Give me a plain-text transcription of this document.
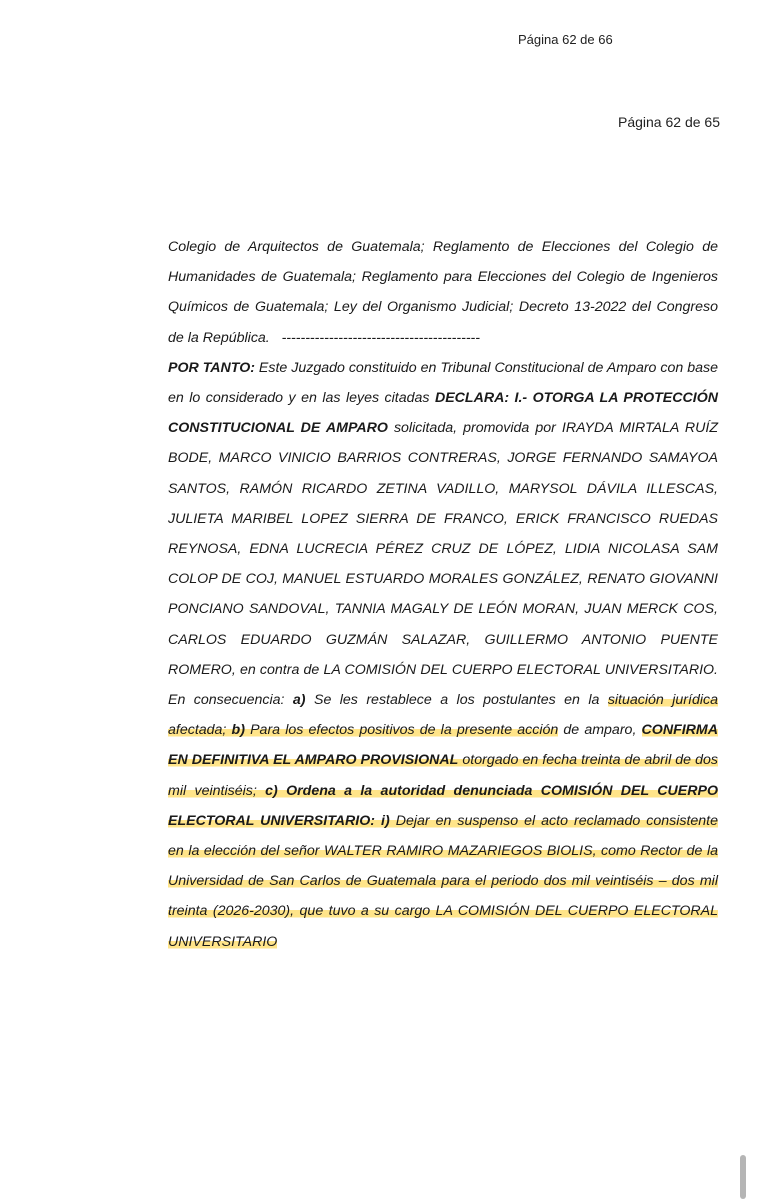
Página 62 de 66
Página 62 de 65

Colegio de Arquitectos de Guatemala; Reglamento de Elecciones del Colegio de Humanidades de Guatemala; Reglamento para Elecciones del Colegio de Ingenieros Químicos de Guatemala; Ley del Organismo Judicial; Decreto 13-2022 del Congreso de la República. ------------------------------------------

POR TANTO: Este Juzgado constituido en Tribunal Constitucional de Amparo con base en lo considerado y en las leyes citadas DECLARA: I.- OTORGA LA PROTECCIÓN CONSTITUCIONAL DE AMPARO solicitada, promovida por IRAYDA MIRTALA RUÍZ BODE, MARCO VINICIO BARRIOS CONTRERAS, JORGE FERNANDO SAMAYOA SANTOS, RAMÓN RICARDO ZETINA VADILLO, MARYSOL DÁVILA ILLESCAS, JULIETA MARIBEL LOPEZ SIERRA DE FRANCO, ERICK FRANCISCO RUEDAS REYNOSA, EDNA LUCRECIA PÉREZ CRUZ DE LÓPEZ, LIDIA NICOLASA SAM COLOP DE COJ, MANUEL ESTUARDO MORALES GONZÁLEZ, RENATO GIOVANNI PONCIANO SANDOVAL, TANNIA MAGALY DE LEÓN MORAN, JUAN MERCK COS, CARLOS EDUARDO GUZMÁN SALAZAR, GUILLERMO ANTONIO PUENTE ROMERO, en contra de LA COMISIÓN DEL CUERPO ELECTORAL UNIVERSITARIO. En consecuencia: a) Se les restablece a los postulantes en la situación jurídica afectada; b) Para los efectos positivos de la presente acción de amparo, CONFIRMA EN DEFINITIVA EL AMPARO PROVISIONAL otorgado en fecha treinta de abril de dos mil veintiséis; c) Ordena a la autoridad denunciada COMISIÓN DEL CUERPO ELECTORAL UNIVERSITARIO: i) Dejar en suspenso el acto reclamado consistente en la elección del señor WALTER RAMIRO MAZARIEGOS BIOLIS, como Rector de la Universidad de San Carlos de Guatemala para el periodo dos mil veintiséis – dos mil treinta (2026-2030), que tuvo a su cargo LA COMISIÓN DEL CUERPO ELECTORAL UNIVERSITARIO
